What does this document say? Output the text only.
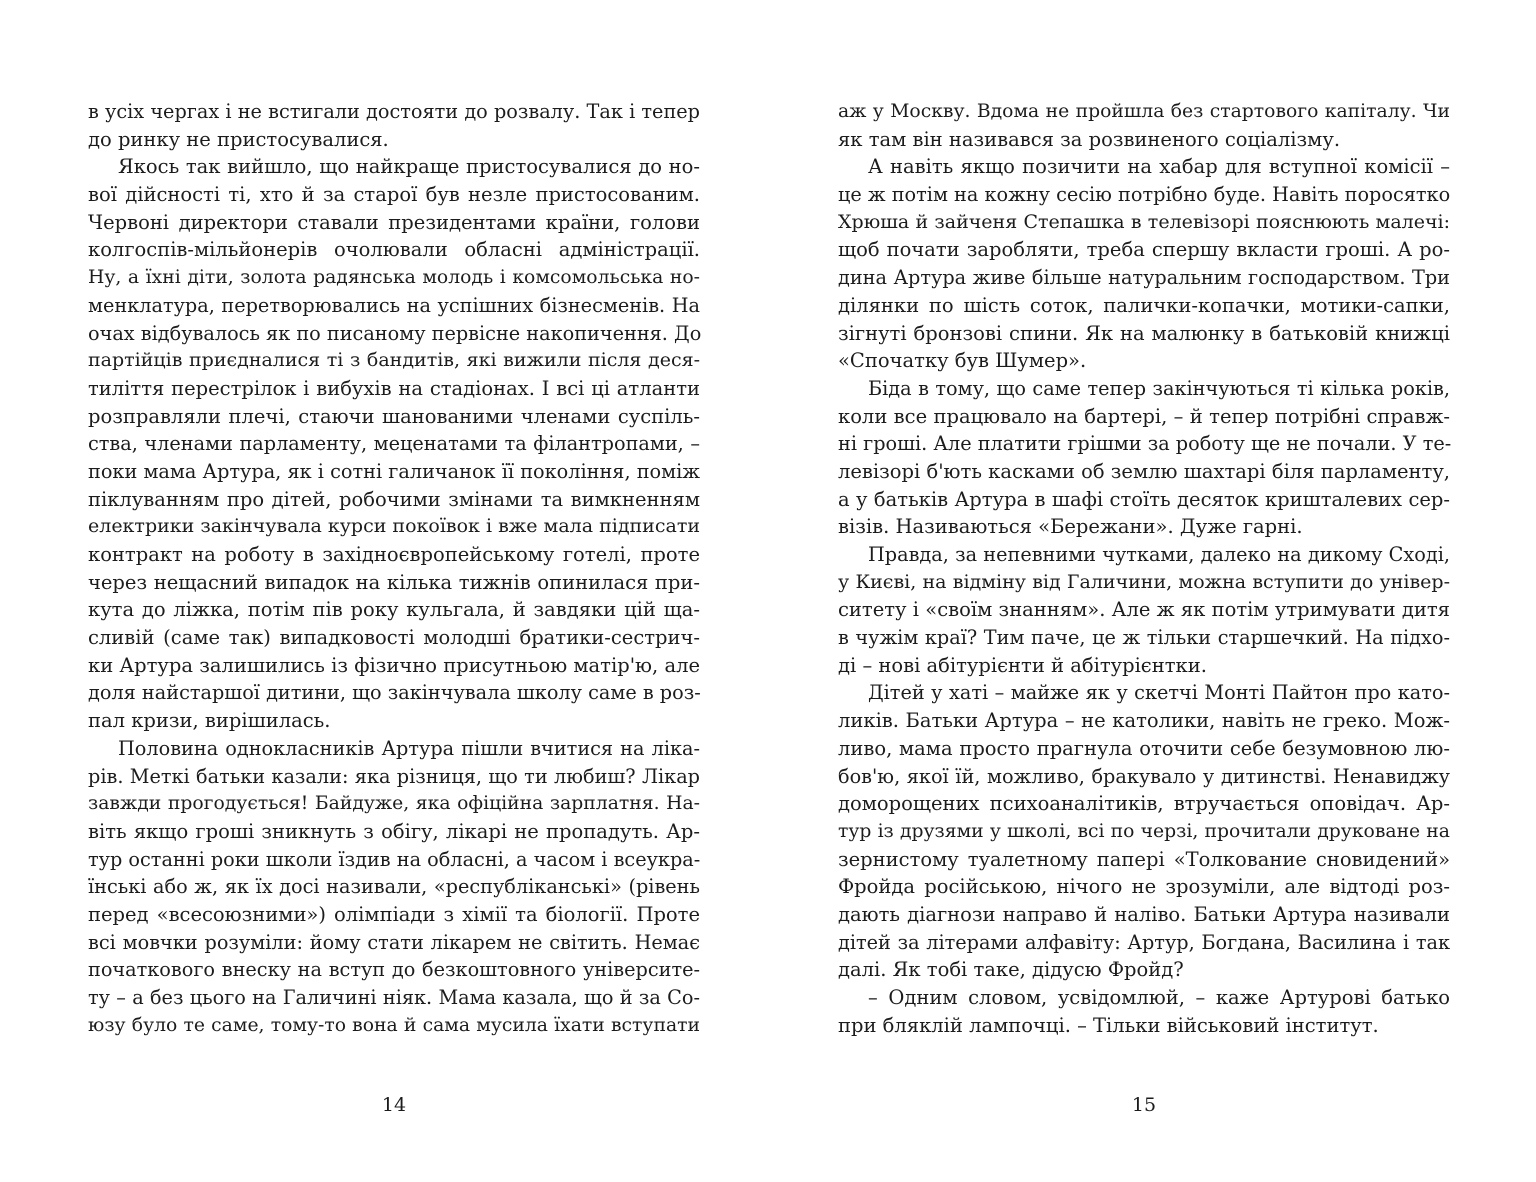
в усіх чергах і не встигали достояти до розвалу. Так і тепер
до ринку не пристосувалися.
Якось так вийшло, що найкраще пристосувалися до но-
вої дійсності ті, хто й за старої був незле пристосованим.
Червоні директори ставали президентами країни, голови
колгоспів-мільйонерів очолювали обласні адміністрації.
Ну, а їхні діти, золота радянська молодь і комсомольська но-
менклатура, перетворювались на успішних бізнесменів. На
очах відбувалось як по писаному первісне накопичення. До
партійців приєдналися ті з бандитів, які вижили після деся-
тиліття перестрілок і вибухів на стадіонах. І всі ці атланти
розправляли плечі, стаючи шанованими членами суспіль-
ства, членами парламенту, меценатами та філантропами, –
поки мама Артура, як і сотні галичанок її покоління, поміж
піклуванням про дітей, робочими змінами та вимкненням
електрики закінчувала курси покоївок і вже мала підписати
контракт на роботу в західноєвропейському готелі, проте
через нещасний випадок на кілька тижнів опинилася при-
кута до ліжка, потім пів року кульгала, й завдяки цій ща-
сливій (саме так) випадковості молодші братики-сестрич-
ки Артура залишились із фізично присутньою матір'ю, але
доля найстаршої дитини, що закінчувала школу саме в роз-
пал кризи, вирішилась.
Половина однокласників Артура пішли вчитися на ліка-
рів. Меткі батьки казали: яка різниця, що ти любиш? Лікар
завжди прогодується! Байдуже, яка офіційна зарплатня. На-
віть якщо гроші зникнуть з обігу, лікарі не пропадуть. Ар-
тур останні роки школи їздив на обласні, а часом і всеукра-
їнські або ж, як їх досі називали, «республіканські» (рівень
перед «всесоюзними») олімпіади з хімії та біології. Проте
всі мовчки розуміли: йому стати лікарем не світить. Немає
початкового внеску на вступ до безкоштовного університе-
ту – а без цього на Галичині ніяк. Мама казала, що й за Со-
юзу було те саме, тому-то вона й сама мусила їхати вступати
аж у Москву. Вдома не пройшла без стартового капіталу. Чи
як там він називався за розвиненого соціалізму.
А навіть якщо позичити на хабар для вступної комісії –
це ж потім на кожну сесію потрібно буде. Навіть поросятко
Хрюша й зайченя Степашка в телевізорі пояснюють малечі:
щоб почати заробляти, треба спершу вкласти гроші. А ро-
дина Артура живе більше натуральним господарством. Три
ділянки по шість соток, палички-копачки, мотики-сапки,
зігнуті бронзові спини. Як на малюнку в батьковій книжці
«Спочатку був Шумер».
Біда в тому, що саме тепер закінчуються ті кілька років,
коли все працювало на бартері, – й тепер потрібні справж-
ні гроші. Але платити грішми за роботу ще не почали. У те-
левізорі б'ють касками об землю шахтарі біля парламенту,
а у батьків Артура в шафі стоїть десяток кришталевих сер-
візів. Називаються «Бережани». Дуже гарні.
Правда, за непевними чутками, далеко на дикому Сході,
у Києві, на відміну від Галичини, можна вступити до універ-
ситету і «своїм знанням». Але ж як потім утримувати дитя
в чужім краї? Тим паче, це ж тільки старшечкий. На підхо-
ді – нові абітурієнти й абітурієнтки.
Дітей у хаті – майже як у скетчі Монті Пайтон про като-
ликів. Батьки Артура – не католики, навіть не греко. Мож-
ливо, мама просто прагнула оточити себе безумовною лю-
бов'ю, якої їй, можливо, бракувало у дитинстві. Ненавиджу
доморощених психоаналітиків, втручається оповідач. Ар-
тур із друзями у школі, всі по черзі, прочитали друковане на
зернистому туалетному папері «Толкование сновидений»
Фройда російською, нічого не зрозуміли, але відтоді роз-
дають діагнози направо й наліво. Батьки Артура називали
дітей за літерами алфавіту: Артур, Богдана, Василина і так
далі. Як тобі таке, дідусю Фройд?
– Одним словом, усвідомлюй, – каже Артурові батько
при бляклій лампочці. – Тільки військовий інститут.
14	15
